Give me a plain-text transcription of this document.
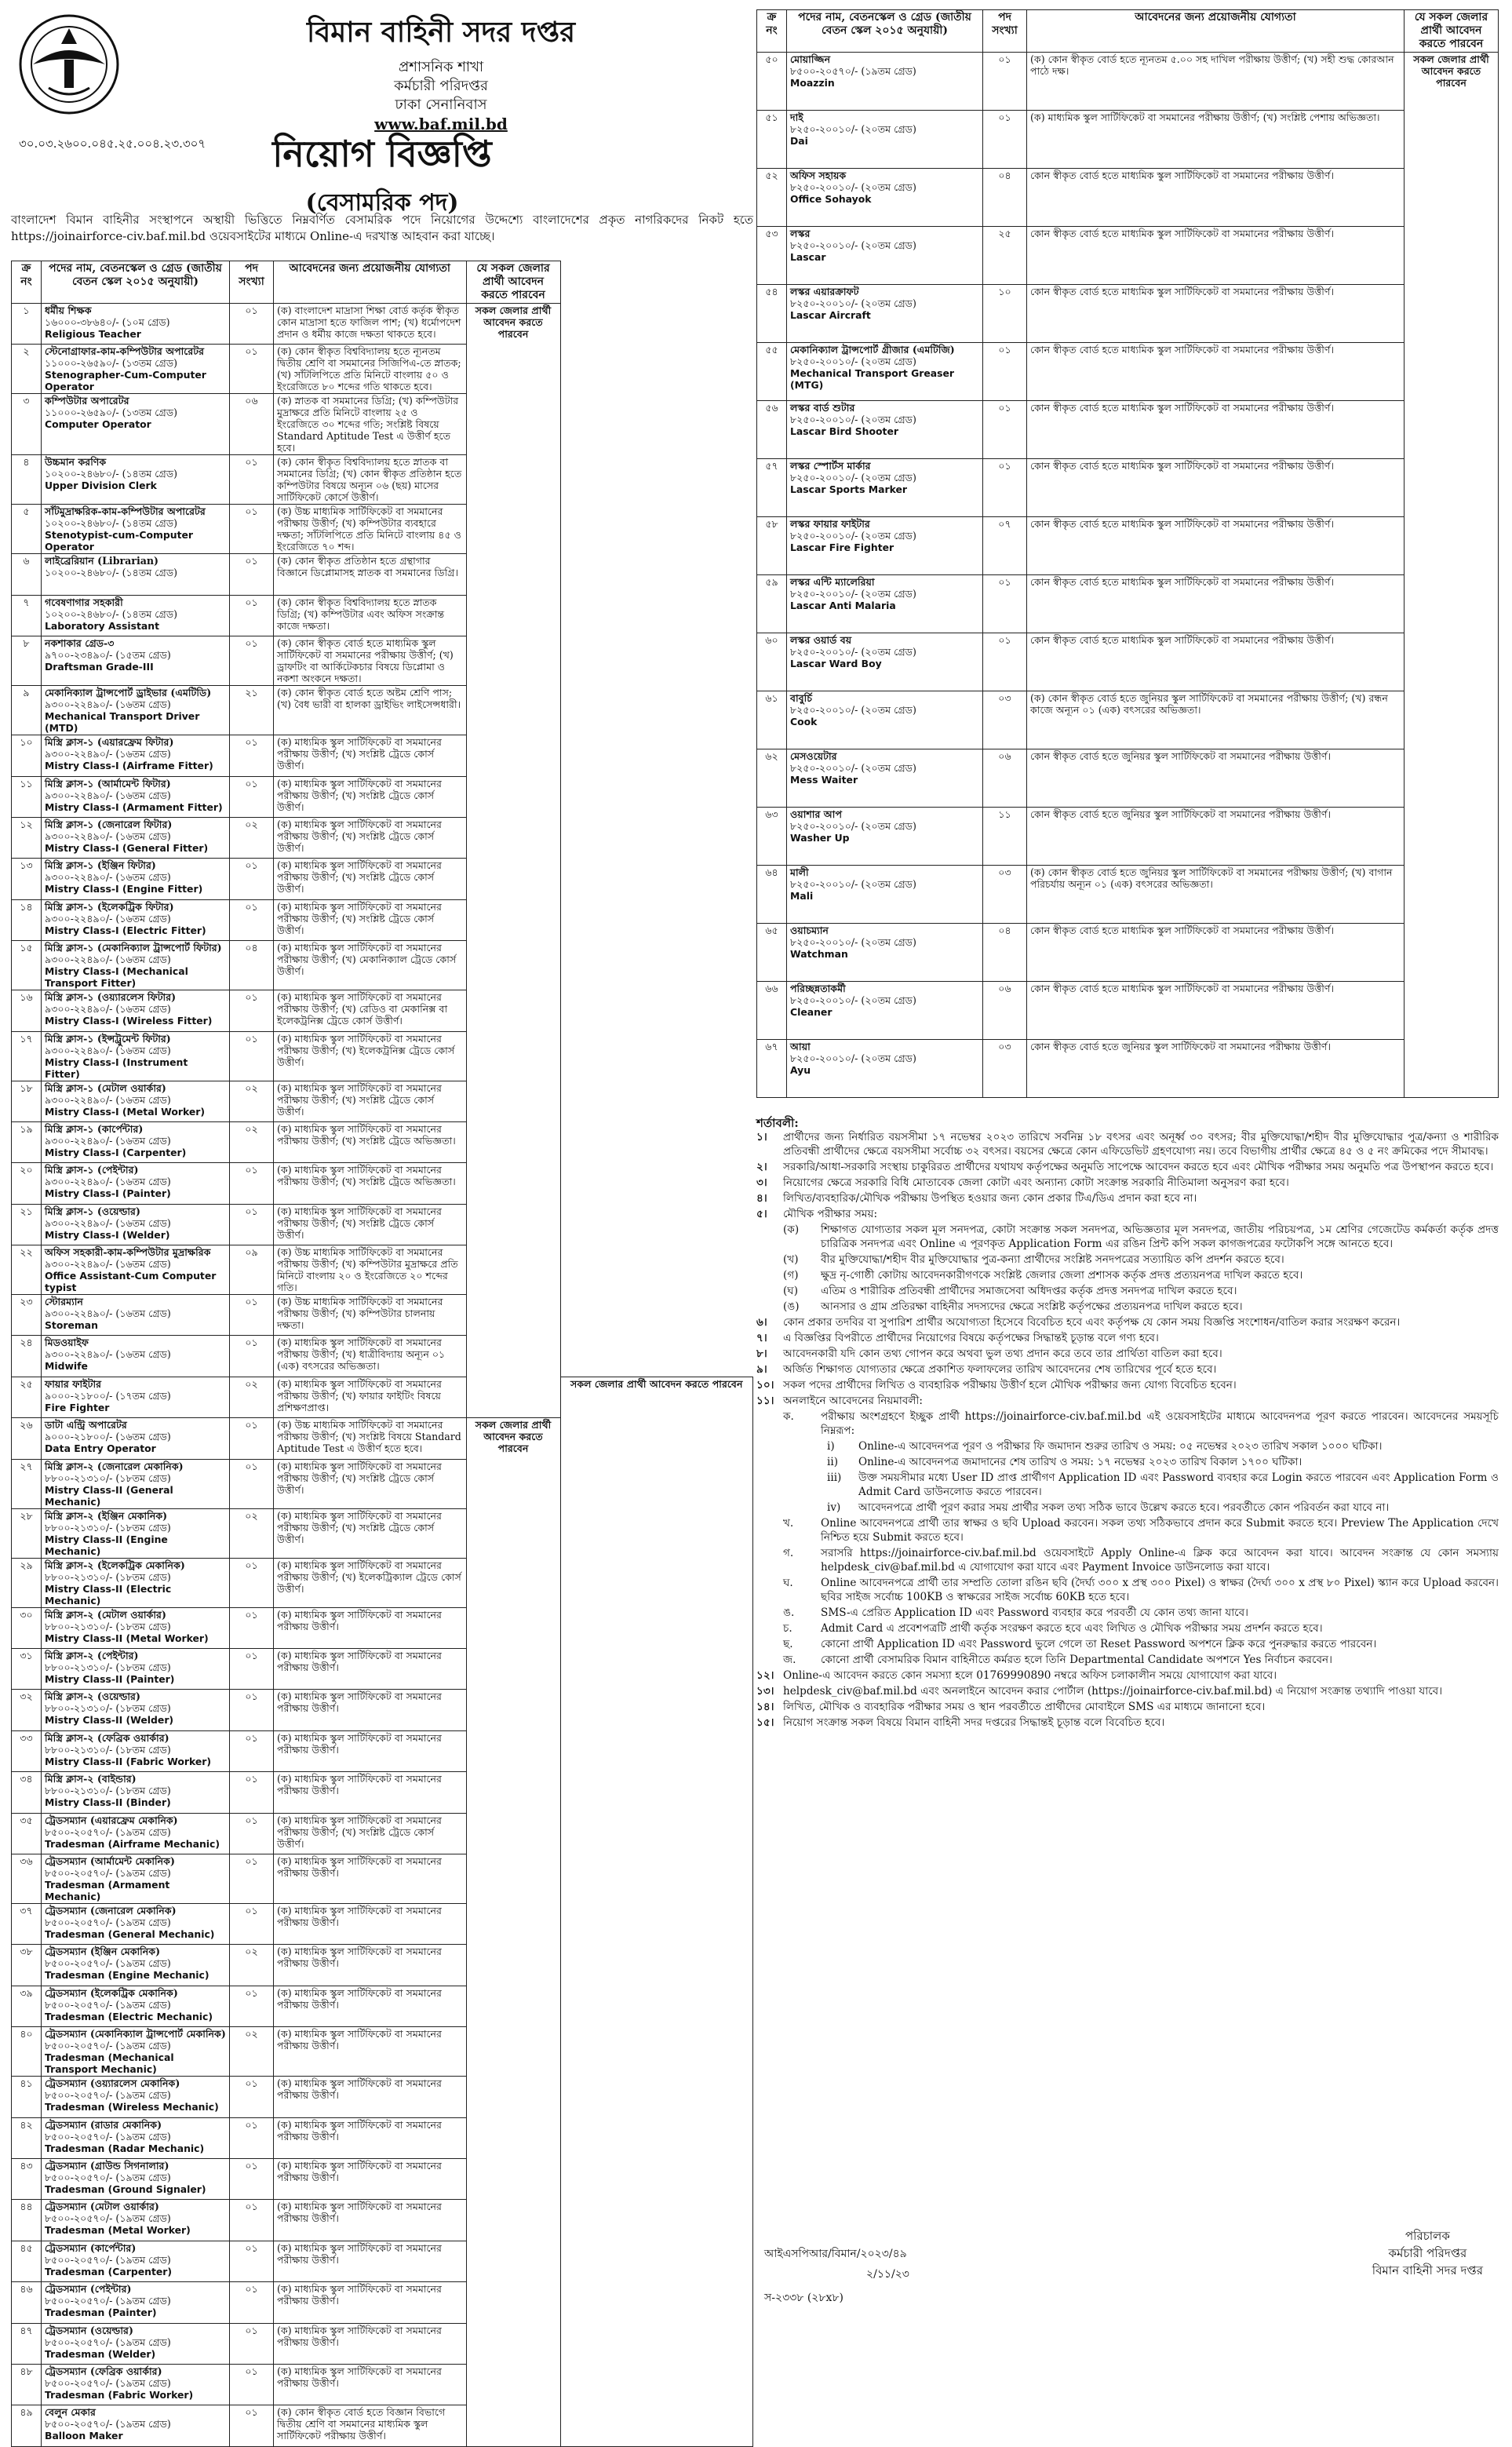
বিমান বাহিনী সদর দপ্তর
প্রশাসনিক শাখা
কর্মচারী পরিদপ্তর
ঢাকা সেনানিবাস
www.baf.mil.bd
৩০.০৩.২৬০০.০৪৫.২৫.০০৪.২৩.৩০৭	নিয়োগ বিজ্ঞপ্তি
(বেসামরিক পদ)
বাংলাদেশ বিমান বাহিনীর সংস্থাপনে অস্থায়ী ভিত্তিতে নিম্নবর্ণিত বেসামরিক পদে নিয়োগের উদ্দেশ্যে বাংলাদেশের প্রকৃত নাগরিকদের নিকট হতে https://joinairforce-civ.baf.mil.bd ওয়েবসাইটের মাধ্যমে Online-এ দরখাস্ত আহবান করা যাচ্ছে।
ক্র নং	পদের নাম, বেতনস্কেল ও গ্রেড (জাতীয় বেতন স্কেল ২০১৫ অনুযায়ী)	পদ সংখ্যা	আবেদনের জন্য প্রয়োজনীয় যোগ্যতা	যে সকল জেলার প্রার্থী আবেদন করতে পারবেন	
১	ধর্মীয় শিক্ষক
১৬০০০-৩৮৬৪০/- (১০ম গ্রেড)
Religious Teacher	০১	(ক) বাংলাদেশ মাদ্রাসা শিক্ষা বোর্ড কর্তৃক স্বীকৃত কোন মাদ্রাসা হতে ফাজিল পাশ; (খ) ধর্মোপদেশ প্রদান ও ধর্মীয় কাজে দক্ষতা থাকতে হবে।	সকল জেলার প্রার্থী আবেদন করতে পারবেন	
২	স্টেনোগ্রাফার-কাম-কম্পিউটার অপারেটর
১১০০০-২৬৫৯০/- (১৩তম গ্রেড)
Stenographer-Cum-Computer Operator	০১	(ক) কোন স্বীকৃত বিশ্ববিদ্যালয় হতে ন্যূনতম দ্বিতীয় শ্রেণি বা সমমানের সিজিপিএ-তে স্নাতক; (খ) সাঁটলিপিতে প্রতি মিনিটে বাংলায় ৫০ ও ইংরেজিতে ৮০ শব্দের গতি থাকতে হবে।		
৩	কম্পিউটার অপারেটর
১১০০০-২৬৫৯০/- (১৩তম গ্রেড)
Computer Operator	০৬	(ক) স্নাতক বা সমমানের ডিগ্রি; (খ) কম্পিউটার মুদ্রাক্ষরে প্রতি মিনিটে বাংলায় ২৫ ও ইংরেজিতে ৩০ শব্দের গতি; সংশ্লিষ্ট বিষয়ে Standard Aptitude Test এ উত্তীর্ণ হতে হবে।		
৪	উচ্চমান করণিক
১০২০০-২৪৬৮০/- (১৪তম গ্রেড)
Upper Division Clerk	০১	(ক) কোন স্বীকৃত বিশ্ববিদ্যালয় হতে স্নাতক বা সমমানের ডিগ্রি; (খ) কোন স্বীকৃত প্রতিষ্ঠান হতে কম্পিউটার বিষয়ে অন্যূন ০৬ (ছয়) মাসের সার্টিফিকেট কোর্সে উত্তীর্ণ।		
৫	সাঁটমুদ্রাক্ষরিক-কাম-কম্পিউটার অপারেটর
১০২০০-২৪৬৮০/- (১৪তম গ্রেড)
Stenotypist-cum-Computer Operator	০১	(ক) উচ্চ মাধ্যমিক সার্টিফিকেট বা সমমানের পরীক্ষায় উত্তীর্ণ; (খ) কম্পিউটার ব্যবহারে দক্ষতা; সাঁটলিপিতে প্রতি মিনিটে বাংলায় ৪৫ ও ইংরেজিতে ৭০ শব্দ।		
৬	লাইব্রেরিয়ান (Librarian)
১০২০০-২৪৬৮০/- (১৪তম গ্রেড)	০১	(ক) কোন স্বীকৃত প্রতিষ্ঠান হতে গ্রন্থাগার বিজ্ঞানে ডিপ্লোমাসহ স্নাতক বা সমমানের ডিগ্রি।		
৭	গবেষণাগার সহকারী
১০২০০-২৪৬৮০/- (১৪তম গ্রেড)
Laboratory Assistant	০১	(ক) কোন স্বীকৃত বিশ্ববিদ্যালয় হতে স্নাতক ডিগ্রি; (খ) কম্পিউটার এবং অফিস সংক্রান্ত কাজে দক্ষতা।		
৮	নকশাকার গ্রেড-৩
৯৭০০-২৩৪৯০/- (১৫তম গ্রেড)
Draftsman Grade-III	০১	(ক) কোন স্বীকৃত বোর্ড হতে মাধ্যমিক স্কুল সার্টিফিকেট বা সমমানের পরীক্ষায় উত্তীর্ণ; (খ) ড্রাফটিং বা আর্কিটেকচার বিষয়ে ডিপ্লোমা ও নকশা অংকনে দক্ষতা।		
৯	মেকানিক্যাল ট্রান্সপোর্ট ড্রাইভার (এমটিডি)
৯৩০০-২২৪৯০/- (১৬তম গ্রেড)
Mechanical Transport Driver (MTD)	২১	(ক) কোন স্বীকৃত বোর্ড হতে অষ্টম শ্রেণি পাস; (খ) বৈধ ভারী বা হালকা ড্রাইভিং লাইসেন্সধারী।		
১০	মিস্ত্রি ক্লাস-১ (এয়ারফ্রেম ফিটার)
৯৩০০-২২৪৯০/- (১৬তম গ্রেড)
Mistry Class-I (Airframe Fitter)	০১	(ক) মাধ্যমিক স্কুল সার্টিফিকেট বা সমমানের পরীক্ষায় উত্তীর্ণ; (খ) সংশ্লিষ্ট ট্রেডে কোর্স উত্তীর্ণ।		
১১	মিস্ত্রি ক্লাস-১ (আর্মামেন্ট ফিটার)
৯৩০০-২২৪৯০/- (১৬তম গ্রেড)
Mistry Class-I (Armament Fitter)	০১	(ক) মাধ্যমিক স্কুল সার্টিফিকেট বা সমমানের পরীক্ষায় উত্তীর্ণ; (খ) সংশ্লিষ্ট ট্রেডে কোর্স উত্তীর্ণ।		
১২	মিস্ত্রি ক্লাস-১ (জেনারেল ফিটার)
৯৩০০-২২৪৯০/- (১৬তম গ্রেড)
Mistry Class-I (General Fitter)	০২	(ক) মাধ্যমিক স্কুল সার্টিফিকেট বা সমমানের পরীক্ষায় উত্তীর্ণ; (খ) সংশ্লিষ্ট ট্রেডে কোর্স উত্তীর্ণ।		
১৩	মিস্ত্রি ক্লাস-১ (ইঞ্জিন ফিটার)
৯৩০০-২২৪৯০/- (১৬তম গ্রেড)
Mistry Class-I (Engine Fitter)	০১	(ক) মাধ্যমিক স্কুল সার্টিফিকেট বা সমমানের পরীক্ষায় উত্তীর্ণ; (খ) সংশ্লিষ্ট ট্রেডে কোর্স উত্তীর্ণ।		
১৪	মিস্ত্রি ক্লাস-১ (ইলেকট্রিক ফিটার)
৯৩০০-২২৪৯০/- (১৬তম গ্রেড)
Mistry Class-I (Electric Fitter)	০১	(ক) মাধ্যমিক স্কুল সার্টিফিকেট বা সমমানের পরীক্ষায় উত্তীর্ণ; (খ) সংশ্লিষ্ট ট্রেডে কোর্স উত্তীর্ণ।		
১৫	মিস্ত্রি ক্লাস-১ (মেকানিক্যাল ট্রান্সপোর্ট ফিটার)
৯৩০০-২২৪৯০/- (১৬তম গ্রেড)
Mistry Class-I (Mechanical Transport Fitter)	০৪	(ক) মাধ্যমিক স্কুল সার্টিফিকেট বা সমমানের পরীক্ষায় উত্তীর্ণ; (খ) মেকানিক্যাল ট্রেডে কোর্স উত্তীর্ণ।		
১৬	মিস্ত্রি ক্লাস-১ (ওয়্যারলেস ফিটার)
৯৩০০-২২৪৯০/- (১৬তম গ্রেড)
Mistry Class-I (Wireless Fitter)	০১	(ক) মাধ্যমিক স্কুল সার্টিফিকেট বা সমমানের পরীক্ষায় উত্তীর্ণ; (খ) রেডিও বা মেকানিক্স বা ইলেকট্রনিক্স ট্রেডে কোর্স উত্তীর্ণ।		
১৭	মিস্ত্রি ক্লাস-১ (ইন্সট্রুমেন্ট ফিটার)
৯৩০০-২২৪৯০/- (১৬তম গ্রেড)
Mistry Class-I (Instrument Fitter)	০১	(ক) মাধ্যমিক স্কুল সার্টিফিকেট বা সমমানের পরীক্ষায় উত্তীর্ণ; (খ) ইলেকট্রনিক্স ট্রেডে কোর্স উত্তীর্ণ।		
১৮	মিস্ত্রি ক্লাস-১ (মেটাল ওয়ার্কার)
৯৩০০-২২৪৯০/- (১৬তম গ্রেড)
Mistry Class-I (Metal Worker)	০২	(ক) মাধ্যমিক স্কুল সার্টিফিকেট বা সমমানের পরীক্ষায় উত্তীর্ণ; (খ) সংশ্লিষ্ট ট্রেডে কোর্স উত্তীর্ণ।		
১৯	মিস্ত্রি ক্লাস-১ (কার্পেন্টার)
৯৩০০-২২৪৯০/- (১৬তম গ্রেড)
Mistry Class-I (Carpenter)	০২	(ক) মাধ্যমিক স্কুল সার্টিফিকেট বা সমমানের পরীক্ষায় উত্তীর্ণ; (খ) সংশ্লিষ্ট ট্রেডে অভিজ্ঞতা।		
২০	মিস্ত্রি ক্লাস-১ (পেইন্টার)
৯৩০০-২২৪৯০/- (১৬তম গ্রেড)
Mistry Class-I (Painter)	০১	(ক) মাধ্যমিক স্কুল সার্টিফিকেট বা সমমানের পরীক্ষায় উত্তীর্ণ; (খ) সংশ্লিষ্ট ট্রেডে অভিজ্ঞতা।		
২১	মিস্ত্রি ক্লাস-১ (ওয়েল্ডার)
৯৩০০-২২৪৯০/- (১৬তম গ্রেড)
Mistry Class-I (Welder)	০১	(ক) মাধ্যমিক স্কুল সার্টিফিকেট বা সমমানের পরীক্ষায় উত্তীর্ণ; (খ) সংশ্লিষ্ট ট্রেডে কোর্স উত্তীর্ণ।		
২২	অফিস সহকারী-কাম-কম্পিউটার মুদ্রাক্ষরিক
৯৩০০-২২৪৯০/- (১৬তম গ্রেড)
Office Assistant-Cum Computer typist	০৯	(ক) উচ্চ মাধ্যমিক সার্টিফিকেট বা সমমানের পরীক্ষায় উত্তীর্ণ; (খ) কম্পিউটার মুদ্রাক্ষরে প্রতি মিনিটে বাংলায় ২০ ও ইংরেজিতে ২০ শব্দের গতি।		
২৩	স্টোরম্যান
৯৩০০-২২৪৯০/- (১৬তম গ্রেড)
Storeman	০১	(ক) উচ্চ মাধ্যমিক সার্টিফিকেট বা সমমানের পরীক্ষায় উত্তীর্ণ; (খ) কম্পিউটার চালনায় দক্ষতা।		
২৪	মিডওয়াইফ
৯৩০০-২২৪৯০/- (১৬তম গ্রেড)
Midwife	০১	(ক) মাধ্যমিক স্কুল সার্টিফিকেট বা সমমানের পরীক্ষায় উত্তীর্ণ; (খ) ধাত্রীবিদ্যায় অন্যূন ০১ (এক) বৎসরের অভিজ্ঞতা।		
২৫	ফায়ার ফাইটার
৯০০০-২১৮০০/- (১৭তম গ্রেড)
Fire Fighter	০২	(ক) মাধ্যমিক স্কুল সার্টিফিকেট বা সমমানের পরীক্ষায় উত্তীর্ণ; (খ) ফায়ার ফাইটিং বিষয়ে প্রশিক্ষণপ্রাপ্ত।		সকল জেলার প্রার্থী আবেদন করতে পারবেন
২৬	ডাটা এন্ট্রি অপারেটর
৯০০০-২১৮০০/- (১৬তম গ্রেড)
Data Entry Operator	০১	(ক) উচ্চ মাধ্যমিক সার্টিফিকেট বা সমমানের পরীক্ষায় উত্তীর্ণ; (খ) সংশ্লিষ্ট বিষয়ে Standard Aptitude Test এ উত্তীর্ণ হতে হবে।	সকল জেলার প্রার্থী আবেদন করতে পারবেন	
২৭	মিস্ত্রি ক্লাস-২ (জেনারেল মেকানিক)
৮৮০০-২১৩১০/- (১৮তম গ্রেড)
Mistry Class-II (General Mechanic)	০১	(ক) মাধ্যমিক স্কুল সার্টিফিকেট বা সমমানের পরীক্ষায় উত্তীর্ণ; (খ) সংশ্লিষ্ট ট্রেডে কোর্স উত্তীর্ণ।		
২৮	মিস্ত্রি ক্লাস-২ (ইঞ্জিন মেকানিক)
৮৮০০-২১৩১০/- (১৮তম গ্রেড)
Mistry Class-II (Engine Mechanic)	০২	(ক) মাধ্যমিক স্কুল সার্টিফিকেট বা সমমানের পরীক্ষায় উত্তীর্ণ; (খ) সংশ্লিষ্ট ট্রেডে কোর্স উত্তীর্ণ।		
২৯	মিস্ত্রি ক্লাস-২ (ইলেকট্রিক মেকানিক)
৮৮০০-২১৩১০/- (১৮তম গ্রেড)
Mistry Class-II (Electric Mechanic)	০১	(ক) মাধ্যমিক স্কুল সার্টিফিকেট বা সমমানের পরীক্ষায় উত্তীর্ণ; (খ) ইলেকট্রিক্যাল ট্রেডে কোর্স উত্তীর্ণ।		
৩০	মিস্ত্রি ক্লাস-২ (মেটাল ওয়ার্কার)
৮৮০০-২১৩১০/- (১৮তম গ্রেড)
Mistry Class-II (Metal Worker)	০১	(ক) মাধ্যমিক স্কুল সার্টিফিকেট বা সমমানের পরীক্ষায় উত্তীর্ণ।		
৩১	মিস্ত্রি ক্লাস-২ (পেইন্টার)
৮৮০০-২১৩১০/- (১৮তম গ্রেড)
Mistry Class-II (Painter)	০১	(ক) মাধ্যমিক স্কুল সার্টিফিকেট বা সমমানের পরীক্ষায় উত্তীর্ণ।		
৩২	মিস্ত্রি ক্লাস-২ (ওয়েল্ডার)
৮৮০০-২১৩১০/- (১৮তম গ্রেড)
Mistry Class-II (Welder)	০১	(ক) মাধ্যমিক স্কুল সার্টিফিকেট বা সমমানের পরীক্ষায় উত্তীর্ণ।		
৩৩	মিস্ত্রি ক্লাস-২ (ফেব্রিক ওয়ার্কার)
৮৮০০-২১৩১০/- (১৮তম গ্রেড)
Mistry Class-II (Fabric Worker)	০১	(ক) মাধ্যমিক স্কুল সার্টিফিকেট বা সমমানের পরীক্ষায় উত্তীর্ণ।		
৩৪	মিস্ত্রি ক্লাস-২ (বাইন্ডার)
৮৮০০-২১৩১০/- (১৮তম গ্রেড)
Mistry Class-II (Binder)	০১	(ক) মাধ্যমিক স্কুল সার্টিফিকেট বা সমমানের পরীক্ষায় উত্তীর্ণ।		
৩৫	ট্রেডসম্যান (এয়ারফ্রেম মেকানিক)
৮৫০০-২০৫৭০/- (১৯তম গ্রেড)
Tradesman (Airframe Mechanic)	০১	(ক) মাধ্যমিক স্কুল সার্টিফিকেট বা সমমানের পরীক্ষায় উত্তীর্ণ; (খ) সংশ্লিষ্ট ট্রেডে কোর্স উত্তীর্ণ।		
৩৬	ট্রেডসম্যান (আর্মামেন্ট মেকানিক)
৮৫০০-২০৫৭০/- (১৯তম গ্রেড)
Tradesman (Armament Mechanic)	০১	(ক) মাধ্যমিক স্কুল সার্টিফিকেট বা সমমানের পরীক্ষায় উত্তীর্ণ।		
৩৭	ট্রেডসম্যান (জেনারেল মেকানিক)
৮৫০০-২০৫৭০/- (১৯তম গ্রেড)
Tradesman (General Mechanic)	০১	(ক) মাধ্যমিক স্কুল সার্টিফিকেট বা সমমানের পরীক্ষায় উত্তীর্ণ।		
৩৮	ট্রেডসম্যান (ইঞ্জিন মেকানিক)
৮৫০০-২০৫৭০/- (১৯তম গ্রেড)
Tradesman (Engine Mechanic)	০২	(ক) মাধ্যমিক স্কুল সার্টিফিকেট বা সমমানের পরীক্ষায় উত্তীর্ণ।		
৩৯	ট্রেডসম্যান (ইলেকট্রিক মেকানিক)
৮৫০০-২০৫৭০/- (১৯তম গ্রেড)
Tradesman (Electric Mechanic)	০১	(ক) মাধ্যমিক স্কুল সার্টিফিকেট বা সমমানের পরীক্ষায় উত্তীর্ণ।		
৪০	ট্রেডসম্যান (মেকানিক্যাল ট্রান্সপোর্ট মেকানিক)
৮৫০০-২০৫৭০/- (১৯তম গ্রেড)
Tradesman (Mechanical Transport Mechanic)	০২	(ক) মাধ্যমিক স্কুল সার্টিফিকেট বা সমমানের পরীক্ষায় উত্তীর্ণ।		
৪১	ট্রেডসম্যান (ওয়্যারলেস মেকানিক)
৮৫০০-২০৫৭০/- (১৯তম গ্রেড)
Tradesman (Wireless Mechanic)	০১	(ক) মাধ্যমিক স্কুল সার্টিফিকেট বা সমমানের পরীক্ষায় উত্তীর্ণ।		
৪২	ট্রেডসম্যান (রাডার মেকানিক)
৮৫০০-২০৫৭০/- (১৯তম গ্রেড)
Tradesman (Radar Mechanic)	০১	(ক) মাধ্যমিক স্কুল সার্টিফিকেট বা সমমানের পরীক্ষায় উত্তীর্ণ।		
৪৩	ট্রেডসম্যান (গ্রাউন্ড সিগনালার)
৮৫০০-২০৫৭০/- (১৯তম গ্রেড)
Tradesman (Ground Signaler)	০১	(ক) মাধ্যমিক স্কুল সার্টিফিকেট বা সমমানের পরীক্ষায় উত্তীর্ণ।		
৪৪	ট্রেডসম্যান (মেটাল ওয়ার্কার)
৮৫০০-২০৫৭০/- (১৯তম গ্রেড)
Tradesman (Metal Worker)	০১	(ক) মাধ্যমিক স্কুল সার্টিফিকেট বা সমমানের পরীক্ষায় উত্তীর্ণ।		
৪৫	ট্রেডসম্যান (কার্পেন্টার)
৮৫০০-২০৫৭০/- (১৯তম গ্রেড)
Tradesman (Carpenter)	০১	(ক) মাধ্যমিক স্কুল সার্টিফিকেট বা সমমানের পরীক্ষায় উত্তীর্ণ।		
৪৬	ট্রেডসম্যান (পেইন্টার)
৮৫০০-২০৫৭০/- (১৯তম গ্রেড)
Tradesman (Painter)	০১	(ক) মাধ্যমিক স্কুল সার্টিফিকেট বা সমমানের পরীক্ষায় উত্তীর্ণ।		
৪৭	ট্রেডসম্যান (ওয়েল্ডার)
৮৫০০-২০৫৭০/- (১৯তম গ্রেড)
Tradesman (Welder)	০১	(ক) মাধ্যমিক স্কুল সার্টিফিকেট বা সমমানের পরীক্ষায় উত্তীর্ণ।		
৪৮	ট্রেডসম্যান (ফেব্রিক ওয়ার্কার)
৮৫০০-২০৫৭০/- (১৯তম গ্রেড)
Tradesman (Fabric Worker)	০১	(ক) মাধ্যমিক স্কুল সার্টিফিকেট বা সমমানের পরীক্ষায় উত্তীর্ণ।		
৪৯	বেলুন মেকার
৮৫০০-২০৫৭০/- (১৯তম গ্রেড)
Balloon Maker	০১	(ক) কোন স্বীকৃত বোর্ড হতে বিজ্ঞান বিভাগে দ্বিতীয় শ্রেণি বা সমমানের মাধ্যমিক স্কুল সার্টিফিকেট পরীক্ষায় উত্তীর্ণ।		
ক্র নং	পদের নাম, বেতনস্কেল ও গ্রেড (জাতীয় বেতন স্কেল ২০১৫ অনুযায়ী)	পদ সংখ্যা	আবেদনের জন্য প্রয়োজনীয় যোগ্যতা	যে সকল জেলার প্রার্থী আবেদন করতে পারবেন
৫০	মোয়াজ্জিন
৮৫০০-২০৫৭০/- (১৯তম গ্রেড)
Moazzin	০১	(ক) কোন স্বীকৃত বোর্ড হতে ন্যূনতম ৫.০০ সহ দাখিল পরীক্ষায় উত্তীর্ণ; (খ) সহী শুদ্ধ কোরআন পাঠে দক্ষ।	সকল জেলার প্রার্থী আবেদন করতে পারবেন
৫১	দাই
৮২৫০-২০০১০/- (২০তম গ্রেড)
Dai	০১	(ক) মাধ্যমিক স্কুল সার্টিফিকেট বা সমমানের পরীক্ষায় উত্তীর্ণ; (খ) সংশ্লিষ্ট পেশায় অভিজ্ঞতা।	
৫২	অফিস সহায়ক
৮২৫০-২০০১০/- (২০তম গ্রেড)
Office Sohayok	০৪	কোন স্বীকৃত বোর্ড হতে মাধ্যমিক স্কুল সার্টিফিকেট বা সমমানের পরীক্ষায় উত্তীর্ণ।	
৫৩	লস্কর
৮২৫০-২০০১০/- (২০তম গ্রেড)
Lascar	২৫	কোন স্বীকৃত বোর্ড হতে মাধ্যমিক স্কুল সার্টিফিকেট বা সমমানের পরীক্ষায় উত্তীর্ণ।	
৫৪	লস্কর এয়ারক্রাফট
৮২৫০-২০০১০/- (২০তম গ্রেড)
Lascar Aircraft	১০	কোন স্বীকৃত বোর্ড হতে মাধ্যমিক স্কুল সার্টিফিকেট বা সমমানের পরীক্ষায় উত্তীর্ণ।	
৫৫	মেকানিক্যাল ট্রান্সপোর্ট গ্রীজার (এমটিজি)
৮২৫০-২০০১০/- (২০তম গ্রেড)
Mechanical Transport Greaser (MTG)	০১	কোন স্বীকৃত বোর্ড হতে মাধ্যমিক স্কুল সার্টিফিকেট বা সমমানের পরীক্ষায় উত্তীর্ণ।	
৫৬	লস্কর বার্ড শুটার
৮২৫০-২০০১০/- (২০তম গ্রেড)
Lascar Bird Shooter	০১	কোন স্বীকৃত বোর্ড হতে মাধ্যমিক স্কুল সার্টিফিকেট বা সমমানের পরীক্ষায় উত্তীর্ণ।	
৫৭	লস্কর স্পোর্টস মার্কার
৮২৫০-২০০১০/- (২০তম গ্রেড)
Lascar Sports Marker	০১	কোন স্বীকৃত বোর্ড হতে মাধ্যমিক স্কুল সার্টিফিকেট বা সমমানের পরীক্ষায় উত্তীর্ণ।	
৫৮	লস্কর ফায়ার ফাইটার
৮২৫০-২০০১০/- (২০তম গ্রেড)
Lascar Fire Fighter	০৭	কোন স্বীকৃত বোর্ড হতে মাধ্যমিক স্কুল সার্টিফিকেট বা সমমানের পরীক্ষায় উত্তীর্ণ।	
৫৯	লস্কর এন্টি ম্যালেরিয়া
৮২৫০-২০০১০/- (২০তম গ্রেড)
Lascar Anti Malaria	০১	কোন স্বীকৃত বোর্ড হতে মাধ্যমিক স্কুল সার্টিফিকেট বা সমমানের পরীক্ষায় উত্তীর্ণ।	
৬০	লস্কর ওয়ার্ড বয়
৮২৫০-২০০১০/- (২০তম গ্রেড)
Lascar Ward Boy	০১	কোন স্বীকৃত বোর্ড হতে মাধ্যমিক স্কুল সার্টিফিকেট বা সমমানের পরীক্ষায় উত্তীর্ণ।	
৬১	বাবুর্চি
৮২৫০-২০০১০/- (২০তম গ্রেড)
Cook	০৩	(ক) কোন স্বীকৃত বোর্ড হতে জুনিয়র স্কুল সার্টিফিকেট বা সমমানের পরীক্ষায় উত্তীর্ণ; (খ) রন্ধন কাজে অন্যূন ০১ (এক) বৎসরের অভিজ্ঞতা।	
৬২	মেসওয়েটার
৮২৫০-২০০১০/- (২০তম গ্রেড)
Mess Waiter	০৬	কোন স্বীকৃত বোর্ড হতে জুনিয়র স্কুল সার্টিফিকেট বা সমমানের পরীক্ষায় উত্তীর্ণ।	
৬৩	ওয়াশার আপ
৮২৫০-২০০১০/- (২০তম গ্রেড)
Washer Up	১১	কোন স্বীকৃত বোর্ড হতে জুনিয়র স্কুল সার্টিফিকেট বা সমমানের পরীক্ষায় উত্তীর্ণ।	
৬৪	মালী
৮২৫০-২০০১০/- (২০তম গ্রেড)
Mali	০৩	(ক) কোন স্বীকৃত বোর্ড হতে জুনিয়র স্কুল সার্টিফিকেট বা সমমানের পরীক্ষায় উত্তীর্ণ; (খ) বাগান পরিচর্যায় অন্যূন ০১ (এক) বৎসরের অভিজ্ঞতা।	
৬৫	ওয়াচম্যান
৮২৫০-২০০১০/- (২০তম গ্রেড)
Watchman	০৪	কোন স্বীকৃত বোর্ড হতে মাধ্যমিক স্কুল সার্টিফিকেট বা সমমানের পরীক্ষায় উত্তীর্ণ।	
৬৬	পরিচ্ছন্নতাকর্মী
৮২৫০-২০০১০/- (২০তম গ্রেড)
Cleaner	০৬	কোন স্বীকৃত বোর্ড হতে মাধ্যমিক স্কুল সার্টিফিকেট বা সমমানের পরীক্ষায় উত্তীর্ণ।	
৬৭	আয়া
৮২৫০-২০০১০/- (২০তম গ্রেড)
Ayu	০৩	কোন স্বীকৃত বোর্ড হতে জুনিয়র স্কুল সার্টিফিকেট বা সমমানের পরীক্ষায় উত্তীর্ণ।	
শর্তাবলী:
১।	প্রার্থীদের জন্য নির্ধারিত বয়সসীমা ১৭ নভেম্বর ২০২৩ তারিখে সর্বনিম্ন ১৮ বৎসর এবং অনূর্ধ্ব ৩০ বৎসর; বীর মুক্তিযোদ্ধা/শহীদ বীর মুক্তিযোদ্ধার পুত্র/কন্যা ও শারীরিক প্রতিবন্ধী প্রার্থীদের ক্ষেত্রে বয়সসীমা সর্বোচ্চ ৩২ বৎসর। বয়সের ক্ষেত্রে কোন এফিডেভিট গ্রহণযোগ্য নয়। তবে বিভাগীয় প্রার্থীর ক্ষেত্রে ৪৫ ও ৫ নং ক্রমিকের পদে সীমাবদ্ধ।
২।	সরকারি/আধা-সরকারি সংস্থায় চাকুরিরত প্রার্থীদের যথাযথ কর্তৃপক্ষের অনুমতি সাপেক্ষে আবেদন করতে হবে এবং মৌখিক পরীক্ষার সময় অনুমতি পত্র উপস্থাপন করতে হবে।
৩।	নিয়োগের ক্ষেত্রে সরকারি বিধি মোতাবেক জেলা কোটা এবং অন্যান্য কোটা সংক্রান্ত সরকারি নীতিমালা অনুসরণ করা হবে।
৪।	লিখিত/ব্যবহারিক/মৌখিক পরীক্ষায় উপস্থিত হওয়ার জন্য কোন প্রকার টিএ/ডিএ প্রদান করা হবে না।
৫।	মৌখিক পরীক্ষার সময়:
(ক)	শিক্ষাগত যোগ্যতার সকল মূল সনদপত্র, কোটা সংক্রান্ত সকল সনদপত্র, অভিজ্ঞতার মূল সনদপত্র, জাতীয় পরিচয়পত্র, ১ম শ্রেণির গেজেটেড কর্মকর্তা কর্তৃক প্রদত্ত চারিত্রিক সনদপত্র এবং Online এ পূরণকৃত Application Form এর রঙিন প্রিন্ট কপি সকল কাগজপত্রের ফটোকপি সঙ্গে আনতে হবে।
(খ)	বীর মুক্তিযোদ্ধা/শহীদ বীর মুক্তিযোদ্ধার পুত্র-কন্যা প্রার্থীদের সংশ্লিষ্ট সনদপত্রের সত্যায়িত কপি প্রদর্শন করতে হবে।
(গ)	ক্ষুদ্র নৃ-গোষ্ঠী কোটায় আবেদনকারীগণকে সংশ্লিষ্ট জেলার জেলা প্রশাসক কর্তৃক প্রদত্ত প্রত্যয়নপত্র দাখিল করতে হবে।
(ঘ)	এতিম ও শারীরিক প্রতিবন্ধী প্রার্থীদের সমাজসেবা অধিদপ্তর কর্তৃক প্রদত্ত সনদপত্র দাখিল করতে হবে।
(ঙ)	আনসার ও গ্রাম প্রতিরক্ষা বাহিনীর সদস্যদের ক্ষেত্রে সংশ্লিষ্ট কর্তৃপক্ষের প্রত্যয়নপত্র দাখিল করতে হবে।
৬।	কোন প্রকার তদবির বা সুপারিশ প্রার্থীর অযোগ্যতা হিসেবে বিবেচিত হবে এবং কর্তৃপক্ষ যে কোন সময় বিজ্ঞপ্তি সংশোধন/বাতিল করার সংরক্ষণ করেন।
৭।	এ বিজ্ঞপ্তির বিপরীতে প্রার্থীদের নিয়োগের বিষয়ে কর্তৃপক্ষের সিদ্ধান্তই চূড়ান্ত বলে গণ্য হবে।
৮।	আবেদনকারী যদি কোন তথ্য গোপন করে অথবা ভুল তথ্য প্রদান করে তবে তার প্রার্থিতা বাতিল করা হবে।
৯।	অর্জিত শিক্ষাগত যোগ্যতার ক্ষেত্রে প্রকাশিত ফলাফলের তারিখ আবেদনের শেষ তারিখের পূর্বে হতে হবে।
১০। সকল পদের প্রার্থীদের লিখিত ও ব্যবহারিক পরীক্ষায় উত্তীর্ণ হলে মৌখিক পরীক্ষার জন্য যোগ্য বিবেচিত হবেন।
১১। অনলাইনে আবেদনের নিয়মাবলী:
ক.	পরীক্ষায় অংশগ্রহণে ইচ্ছুক প্রার্থী https://joinairforce-civ.baf.mil.bd এই ওয়েবসাইটের মাধ্যমে আবেদনপত্র পূরণ করতে পারবেন। আবেদনের সময়সূচি নিম্নরূপ:
i)	Online-এ আবেদনপত্র পূরণ ও পরীক্ষার ফি জমাদান শুরুর তারিখ ও সময়: ০৫ নভেম্বর ২০২৩ তারিখ সকাল ১০০০ ঘটিকা।
ii)	Online-এ আবেদনপত্র জমাদানের শেষ তারিখ ও সময়: ১৭ নভেম্বর ২০২৩ তারিখ বিকাল ১৭০০ ঘটিকা।
iii)	উক্ত সময়সীমার মধ্যে User ID প্রাপ্ত প্রার্থীগণ Application ID এবং Password ব্যবহার করে Login করতে পারবেন এবং Application Form ও Admit Card ডাউনলোড করতে পারবেন।
iv)	আবেদনপত্রে প্রার্থী পূরণ করার সময় প্রার্থীর সকল তথ্য সঠিক ভাবে উল্লেখ করতে হবে। পরবর্তীতে কোন পরিবর্তন করা যাবে না।
খ.	Online আবেদনপত্রে প্রার্থী তার স্বাক্ষর ও ছবি Upload করবেন। সকল তথ্য সঠিকভাবে প্রদান করে Submit করতে হবে। Preview The Application দেখে নিশ্চিত হয়ে Submit করতে হবে।
গ.	সরাসরি https://joinairforce-civ.baf.mil.bd ওয়েবসাইটে Apply Online-এ ক্লিক করে আবেদন করা যাবে। আবেদন সংক্রান্ত যে কোন সমস্যায় helpdesk_civ@baf.mil.bd এ যোগাযোগ করা যাবে এবং Payment Invoice ডাউনলোড করা যাবে।
ঘ.	Online আবেদনপত্রে প্রার্থী তার সম্প্রতি তোলা রঙিন ছবি (দৈর্ঘ্য ৩০০ x প্রস্থ ৩০০ Pixel) ও স্বাক্ষর (দৈর্ঘ্য ৩০০ x প্রস্থ ৮০ Pixel) স্ক্যান করে Upload করবেন। ছবির সাইজ সর্বোচ্চ 100KB ও স্বাক্ষরের সাইজ সর্বোচ্চ 60KB হতে হবে।
ঙ.	SMS-এ প্রেরিত Application ID এবং Password ব্যবহার করে পরবর্তী যে কোন তথ্য জানা যাবে।
চ.	Admit Card এ প্রবেশপত্রটি প্রার্থী কর্তৃক সংরক্ষণ করতে হবে এবং লিখিত ও মৌখিক পরীক্ষার সময় প্রদর্শন করতে হবে।
ছ.	কোনো প্রার্থী Application ID এবং Password ভুলে গেলে তা Reset Password অপশনে ক্লিক করে পুনরুদ্ধার করতে পারবেন।
জ.	কোনো প্রার্থী বেসামরিক বিমান বাহিনীতে কর্মরত হলে তিনি Departmental Candidate অপশনে Yes নির্বাচন করবেন।
১২। Online-এ আবেদন করতে কোন সমস্যা হলে 01769990890 নম্বরে অফিস চলাকালীন সময়ে যোগাযোগ করা যাবে।
১৩। helpdesk_civ@baf.mil.bd এবং অনলাইনে আবেদন করার পোর্টাল (https://joinairforce-civ.baf.mil.bd) এ নিয়োগ সংক্রান্ত তথ্যাদি পাওয়া যাবে।
১৪। লিখিত, মৌখিক ও ব্যবহারিক পরীক্ষার সময় ও স্থান পরবর্তীতে প্রার্থীদের মোবাইলে SMS এর মাধ্যমে জানানো হবে।
১৫। নিয়োগ সংক্রান্ত সকল বিষয়ে বিমান বাহিনী সদর দপ্তরের সিদ্ধান্তই চূড়ান্ত বলে বিবেচিত হবে।
আইএসপিআর/বিমান/২০২৩/৪৯
২/১১/২৩
স-২৩৩৮ (২৮x৮)
পরিচালক
কর্মচারী পরিদপ্তর
বিমান বাহিনী সদর দপ্তর
